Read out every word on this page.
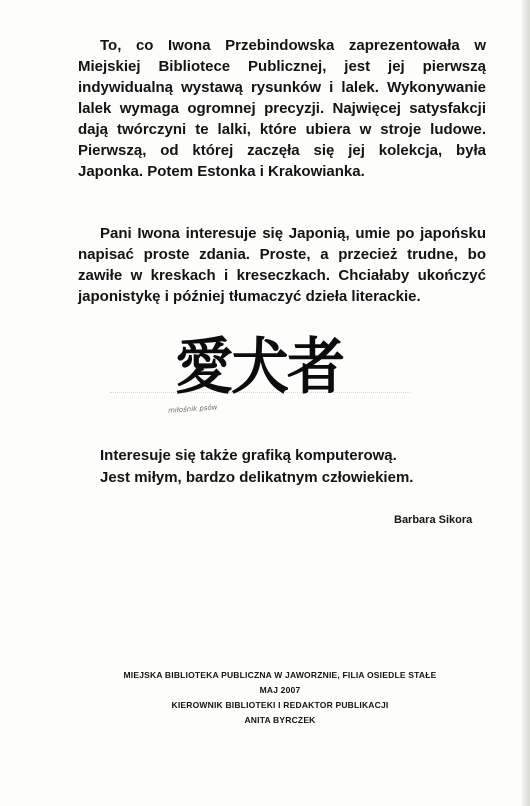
To, co Iwona Przebindowska zaprezentowała w Miejskiej Bibliotece Publicznej, jest jej pierwszą indywidualną wystawą rysunków i lalek. Wykonywanie lalek wymaga ogromnej precyzji. Najwięcej satysfakcji dają twórczyni te lalki, które ubiera w stroje ludowe. Pierwszą, od której zaczęła się jej kolekcja, była Japonka. Potem Estonka i Krakowianka.

Pani Iwona interesuje się Japonią, umie po japońsku napisać proste zdania. Proste, a przecież trudne, bo zawiłe w kreskach i kreseczkach. Chciałaby ukończyć japonistykę i później tłumaczyć dzieła literackie.

愛犬者
miłośnik psów
Interesuje się także grafiką komputerową.
Jest miłym, bardzo delikatnym człowiekiem.
Barbara Sikora
MIEJSKA BIBLIOTEKA PUBLICZNA W JAWORZNIE, FILIA OSIEDLE STAŁE
MAJ 2007
KIEROWNIK BIBLIOTEKI I REDAKTOR PUBLIKACJI
ANITA BYRCZEK
